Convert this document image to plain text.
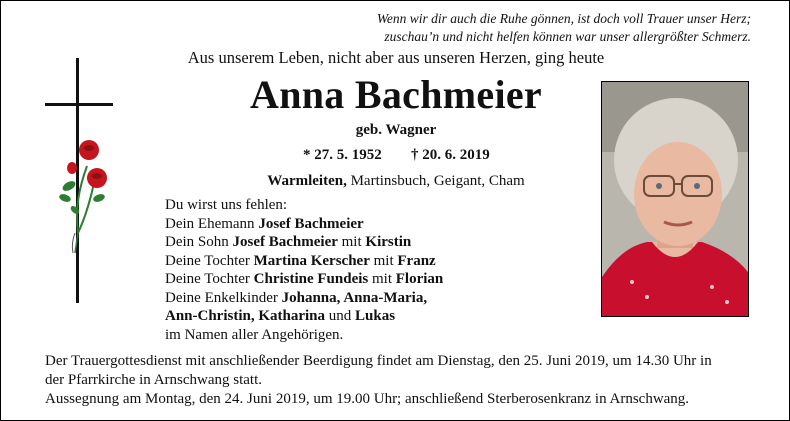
Wenn wir dir auch die Ruhe gönnen, ist doch voll Trauer unser Herz;
zuschau’n und nicht helfen können war unser allergrößter Schmerz.
Aus unserem Leben, nicht aber aus unseren Herzen, ging heute
Anna Bachmeier
geb. Wagner
* 27. 5. 1952 † 20. 6. 2019
Warmleiten, Martinsbuch, Geigant, Cham
Du wirst uns fehlen:
Dein Ehemann Josef Bachmeier
Dein Sohn Josef Bachmeier mit Kirstin
Deine Tochter Martina Kerscher mit Franz
Deine Tochter Christine Fundeis mit Florian
Deine Enkelkinder Johanna, Anna-Maria,
Ann-Christin, Katharina und Lukas
im Namen aller Angehörigen.
Der Trauergottesdienst mit anschließender Beerdigung findet am Dienstag, den 25. Juni 2019, um 14.30 Uhr in
der Pfarrkirche in Arnschwang statt.
Aussegnung am Montag, den 24. Juni 2019, um 19.00 Uhr; anschließend Sterberosenkranz in Arnschwang.
